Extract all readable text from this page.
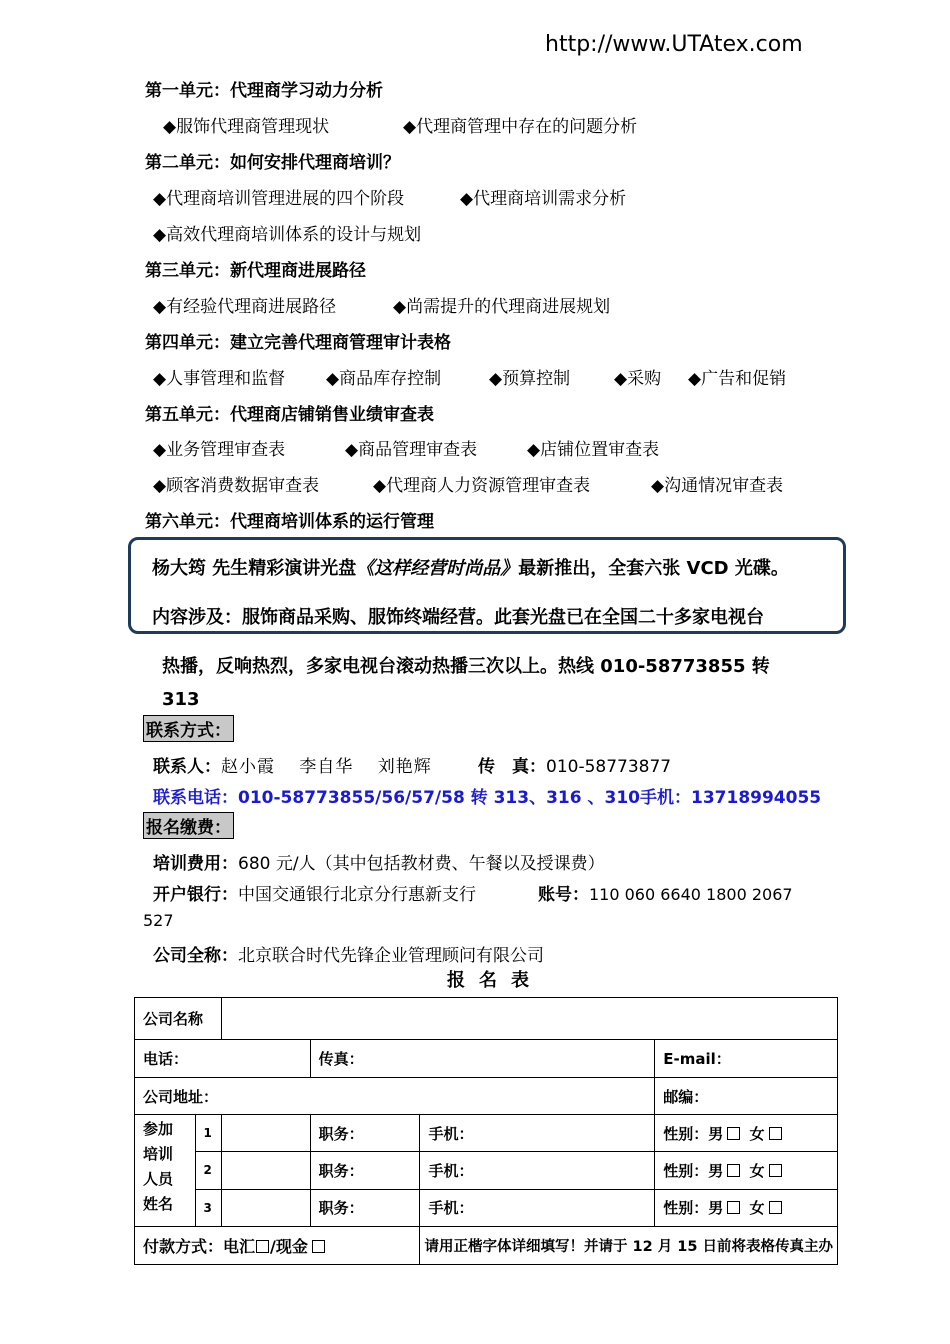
http://www.UTAtex.com
第一单元：代理商学习动力分析
◆服饰代理商管理现状	◆代理商管理中存在的问题分析
第二单元：如何安排代理商培训？
◆代理商培训管理进展的四个阶段	◆代理商培训需求分析
◆高效代理商培训体系的设计与规划
第三单元：新代理商进展路径
◆有经验代理商进展路径	◆尚需提升的代理商进展规划
第四单元：建立完善代理商管理审计表格
◆人事管理和监督 ◆商品库存控制	◆预算控制	◆采购 ◆广告和促销
第五单元：代理商店铺销售业绩审查表
◆业务管理审查表	◆商品管理审查表	◆店铺位置审查表
◆顾客消费数据审查表	◆代理商人力资源管理审查表	◆沟通情况审查表
第六单元：代理商培训体系的运行管理
杨大筠 先生精彩演讲光盘《这样经营时尚品》最新推出，全套六张 VCD 光碟。
内容涉及：服饰商品采购、服饰终端经营。此套光盘已在全国二十多家电视台
热播，反响热烈，多家电视台滚动热播三次以上。热线 010-58773855 转
313
联系方式：
联系人：赵小霞　 李自华　 刘艳辉	传　真：010-58773877
联系电话：010-58773855/56/57/58 转 313、316 、310 手机：13718994055
报名缴费：
培训费用：680 元/人（其中包括教材费、午餐以及授课费）
开户银行：中国交通银行北京分行惠新支行	账号：110 060 6640 1800 2067
527
公司全称：北京联合时代先锋企业管理顾问有限公司
报名表
公司名称					
电话：			传真：		E-mail：
公司地址：					邮编：

参加培训人员姓名	1		职务：	手机：	性别：男 女
	2		职务：	手机：	性别：男 女
	3		职务：	手机：	性别：男 女
付款方式：电汇 /现金				请用正楷字体详细填写！并请于 12 月 15 日前将表格传真主办	
